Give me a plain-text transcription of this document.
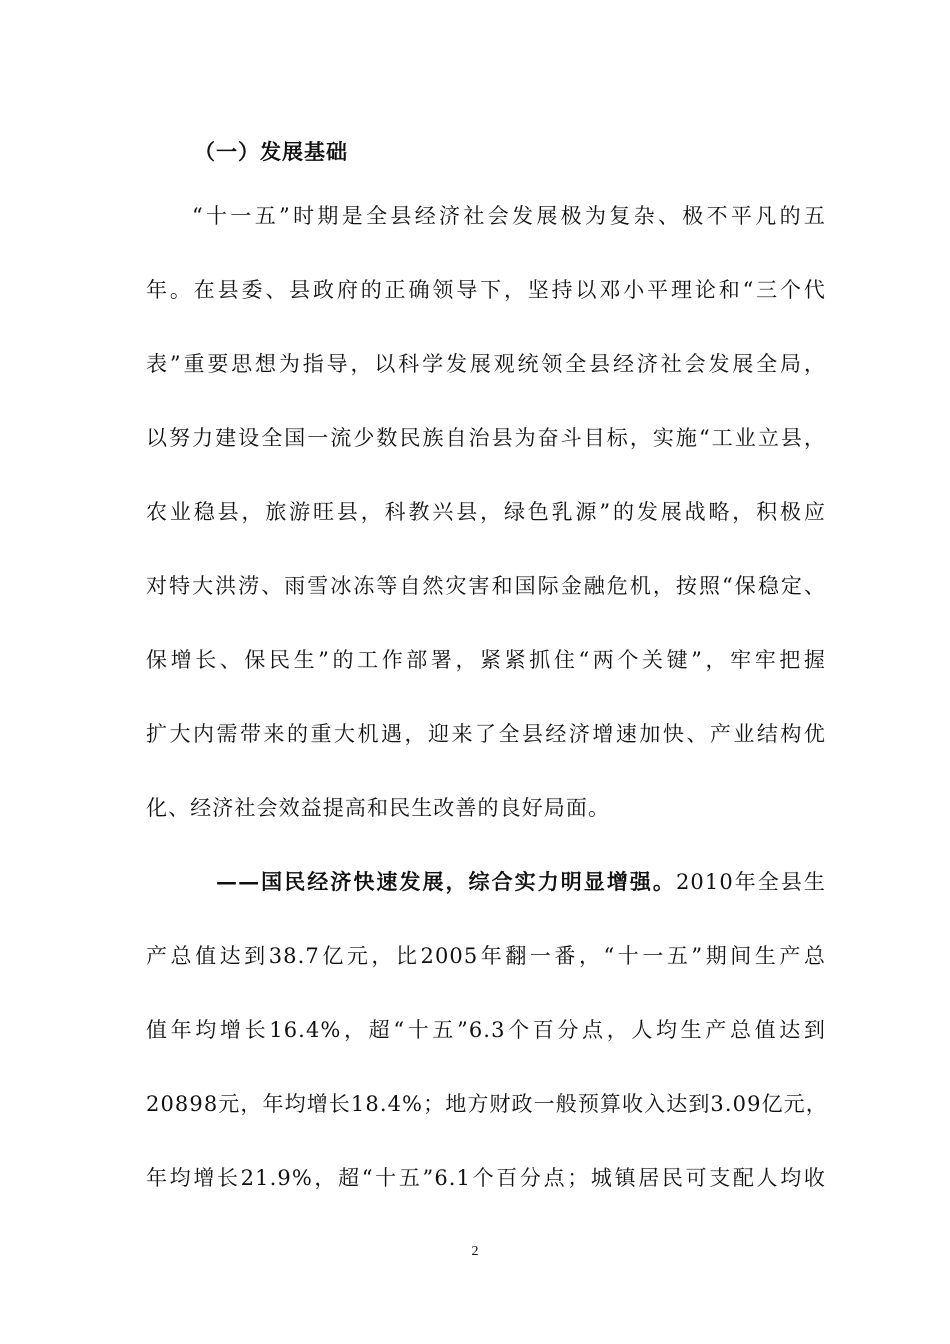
（一）发展基础
“十一五”时期是全县经济社会发展极为复杂、极不平凡的五
年。在县委、县政府的正确领导下，坚持以邓小平理论和“三个代
表”重要思想为指导，以科学发展观统领全县经济社会发展全局，
以努力建设全国一流少数民族自治县为奋斗目标，实施“工业立县，
农业稳县，旅游旺县，科教兴县，绿色乳源”的发展战略，积极应
对特大洪涝、雨雪冰冻等自然灾害和国际金融危机，按照“保稳定、
保增长、保民生”的工作部署，紧紧抓住“两个关键”，牢牢把握
扩大内需带来的重大机遇，迎来了全县经济增速加快、产业结构优
化、经济社会效益提高和民生改善的良好局面。
——国民经济快速发展，综合实力明显增强。2010年全县生
产总值达到38.7亿元，比2005年翻一番，“十一五”期间生产总
值年均增长16.4%，超“十五”6.3个百分点，人均生产总值达到
20898元，年均增长18.4%；地方财政一般预算收入达到3.09亿元，
年均增长21.9%，超“十五”6.1个百分点；城镇居民可支配人均收
2
